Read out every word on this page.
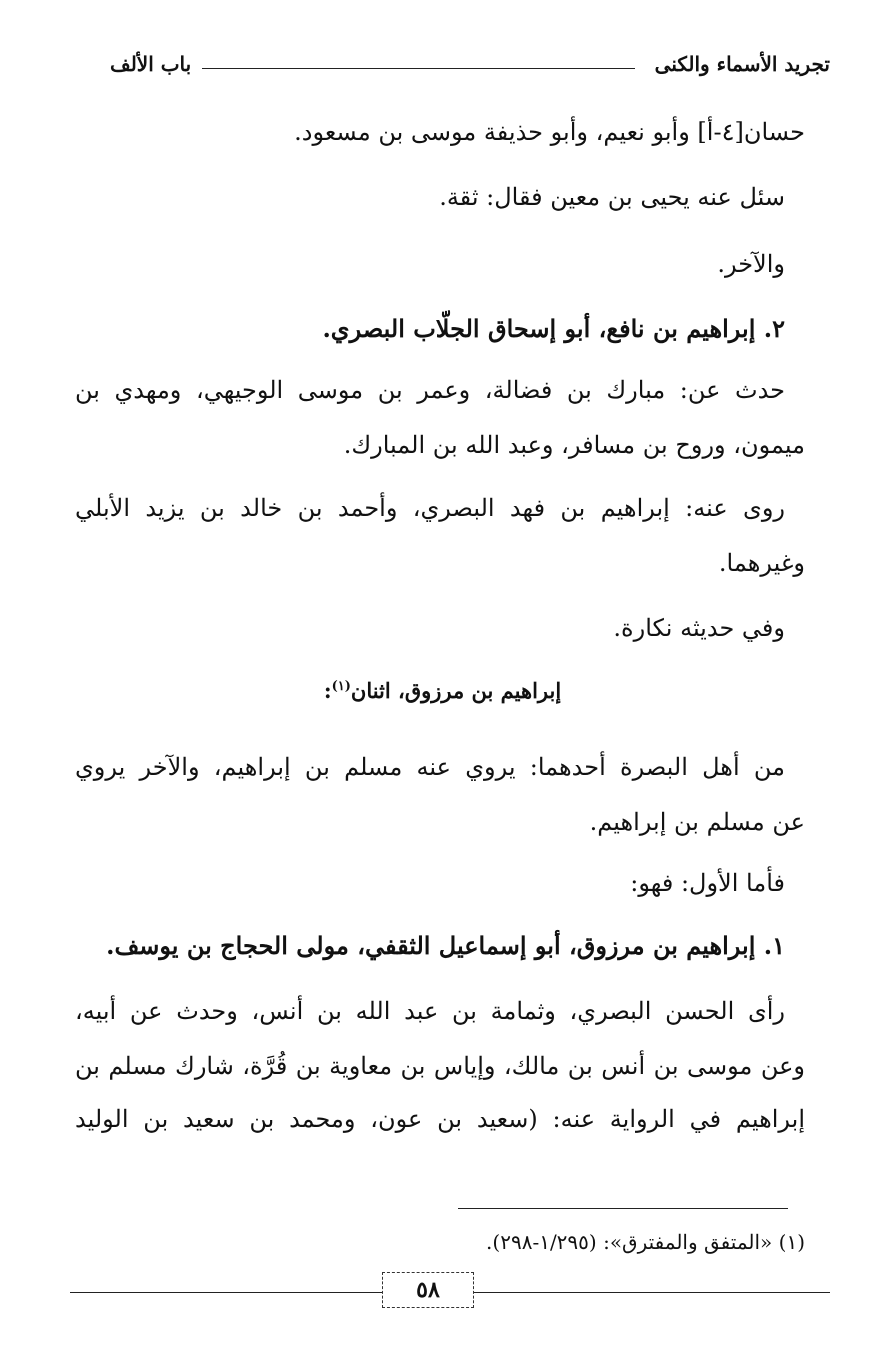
تجريد الأسماء والكنى
باب الألف
حسان[٤-أ] وأبو نعيم، وأبو حذيفة موسى بن مسعود.
سئل عنه يحيى بن معين فقال: ثقة.
والآخر.
٢. إبراهيم بن نافع، أبو إسحاق الجلّاب البصري.
حدث عن: مبارك بن فضالة، وعمر بن موسى الوجيهي، ومهدي بن
ميمون، وروح بن مسافر، وعبد الله بن المبارك.
روى عنه: إبراهيم بن فهد البصري، وأحمد بن خالد بن يزيد الأبلي
وغيرهما.
وفي حديثه نكارة.
إبراهيم بن مرزوق، اثنان$^{(١)}$:
من أهل البصرة أحدهما: يروي عنه مسلم بن إبراهيم، والآخر يروي
عن مسلم بن إبراهيم.
فأما الأول: فهو:
١. إبراهيم بن مرزوق، أبو إسماعيل الثقفي، مولى الحجاج بن يوسف.
رأى الحسن البصري، وثمامة بن عبد الله بن أنس، وحدث عن أبيه،
وعن موسى بن أنس بن مالك، وإياس بن معاوية بن قُرَّة، شارك مسلم بن
إبراهيم في الرواية عنه: (سعيد بن عون، ومحمد بن سعيد بن الوليد
(١) «المتفق والمفترق»: (١/٢٩٥-٢٩٨).
٥٨
